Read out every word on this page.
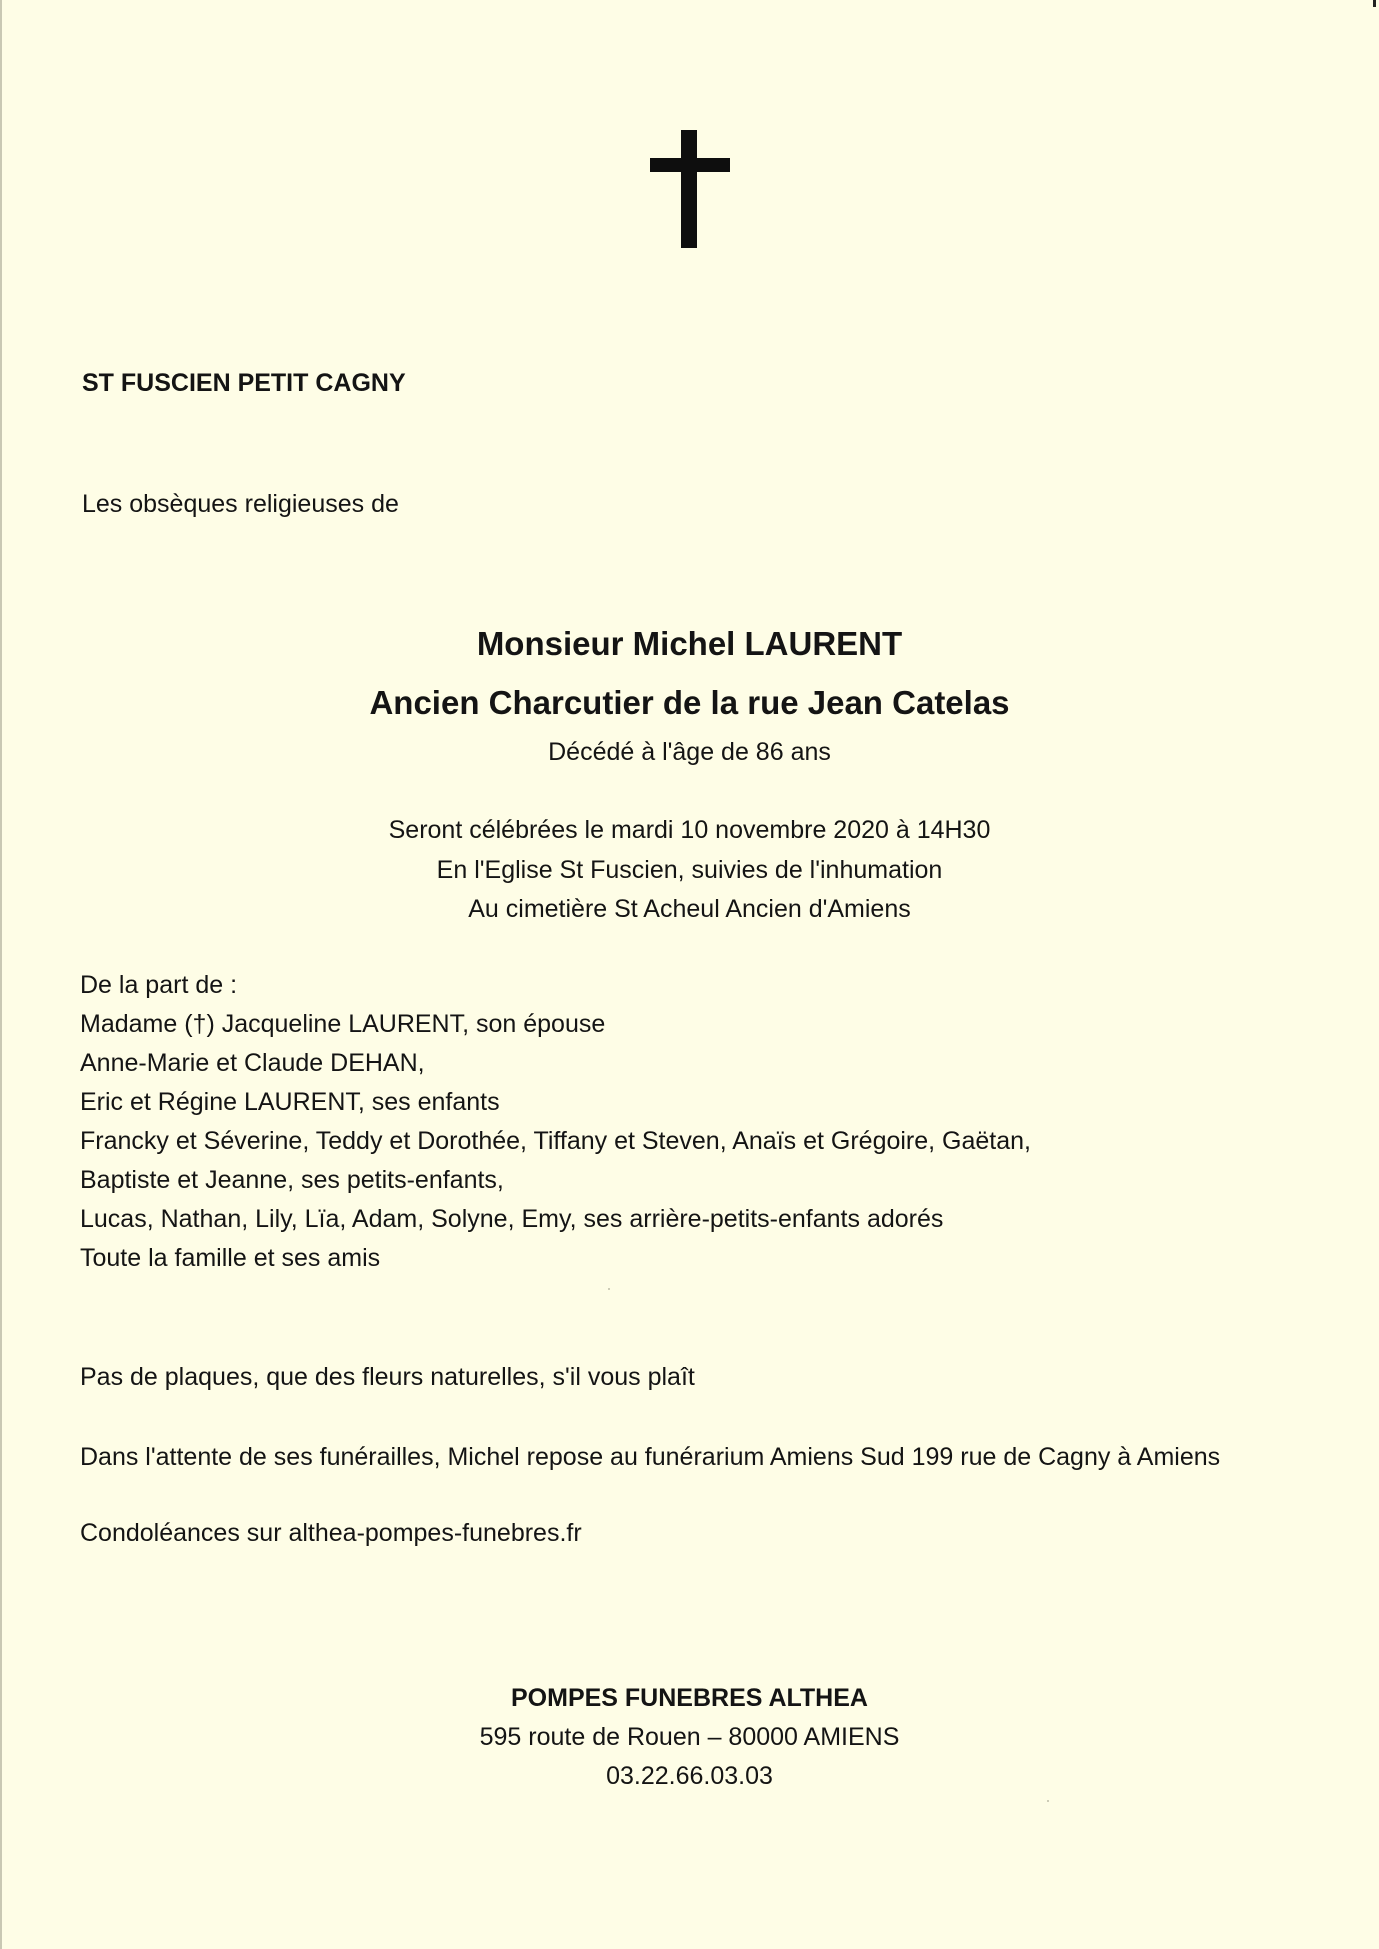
ST FUSCIEN PETIT CAGNY

Les obsèques religieuses de

Monsieur Michel LAURENT

Ancien Charcutier de la rue Jean Catelas

Décédé à l'âge de 86 ans

Seront célébrées le mardi 10 novembre 2020 à 14H30

En l'Eglise St Fuscien, suivies de l'inhumation

Au cimetière St Acheul Ancien d'Amiens

De la part de :

Madame (†) Jacqueline LAURENT, son épouse

Anne-Marie et Claude DEHAN,

Eric et Régine LAURENT, ses enfants

Francky et Séverine, Teddy et Dorothée, Tiffany et Steven, Anaïs et Grégoire, Gaëtan,

Baptiste et Jeanne, ses petits-enfants,

Lucas, Nathan, Lily, Lïa, Adam, Solyne, Emy, ses arrière-petits-enfants adorés

Toute la famille et ses amis

Pas de plaques, que des fleurs naturelles, s'il vous plaît

Dans l'attente de ses funérailles, Michel repose au funérarium Amiens Sud 199 rue de Cagny à Amiens

Condoléances sur althea-pompes-funebres.fr

POMPES FUNEBRES ALTHEA

595 route de Rouen – 80000 AMIENS

03.22.66.03.03
